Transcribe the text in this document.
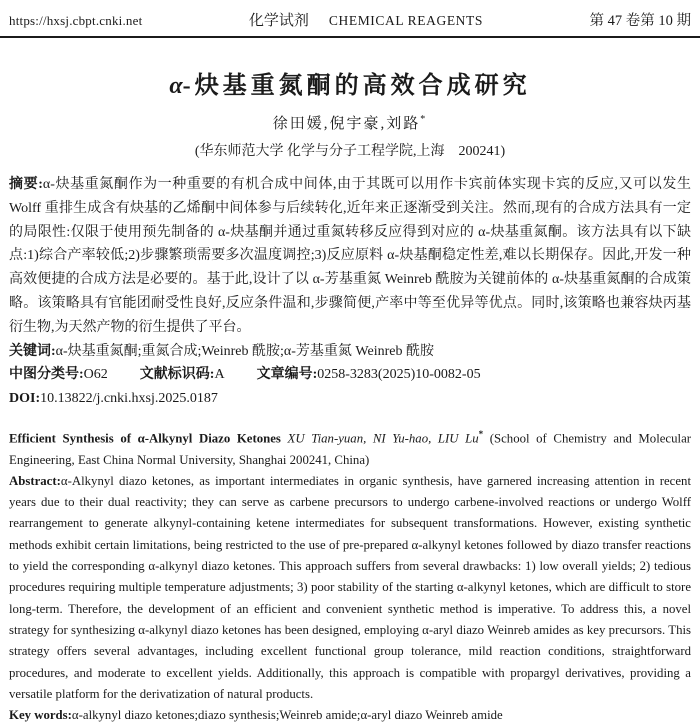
https://hxsj.cbpt.cnki.net	化学试剂 CHEMICAL REAGENTS	第 47 卷第 10 期
α-炔基重氮酮的高效合成研究
徐田媛,倪宇豪,刘路*
(华东师范大学 化学与分子工程学院,上海　200241)

摘要:α-炔基重氮酮作为一种重要的有机合成中间体,由于其既可以用作卡宾前体实现卡宾的反应,又可以发生 Wolff 重排生成含有炔基的乙烯酮中间体参与后续转化,近年来正逐渐受到关注。然而,现有的合成方法具有一定的局限性:仅限于使用预先制备的 α-炔基酮并通过重氮转移反应得到对应的 α-炔基重氮酮。该方法具有以下缺点:1)综合产率较低;2)步骤繁琐需要多次温度调控;3)反应原料 α-炔基酮稳定性差,难以长期保存。因此,开发一种高效便捷的合成方法是必要的。基于此,设计了以 α-芳基重氮 Weinreb 酰胺为关键前体的 α-炔基重氮酮的合成策略。该策略具有官能团耐受性良好,反应条件温和,步骤简便,产率中等至优异等优点。同时,该策略也兼容炔丙基衍生物,为天然产物的衍生提供了平台。

关键词:α-炔基重氮酮;重氮合成;Weinreb 酰胺;α-芳基重氮 Weinreb 酰胺

中图分类号:O62 文献标识码:A 文章编号:0258-3283(2025)10-0082-05

DOI:10.13822/j.cnki.hxsj.2025.0187

Efficient Synthesis of α-Alkynyl Diazo Ketones XU Tian-yuan, NI Yu-hao, LIU Lu* (School of Chemistry and Molecular Engineering, East China Normal University, Shanghai 200241, China)

Abstract:α-Alkynyl diazo ketones, as important intermediates in organic synthesis, have garnered increasing attention in recent years due to their dual reactivity; they can serve as carbene precursors to undergo carbene-involved reactions or undergo Wolff rearrangement to generate alkynyl-containing ketene intermediates for subsequent transformations. However, existing synthetic methods exhibit certain limitations, being restricted to the use of pre-prepared α-alkynyl ketones followed by diazo transfer reactions to yield the corresponding α-alkynyl diazo ketones. This approach suffers from several drawbacks: 1) low overall yields; 2) tedious procedures requiring multiple temperature adjustments; 3) poor stability of the starting α-alkynyl ketones, which are difficult to store long-term. Therefore, the development of an efficient and convenient synthetic method is imperative. To address this, a novel strategy for synthesizing α-alkynyl diazo ketones has been designed, employing α-aryl diazo Weinreb amides as key precursors. This strategy offers several advantages, including excellent functional group tolerance, mild reaction conditions, straightforward procedures, and moderate to excellent yields. Additionally, this approach is compatible with propargyl derivatives, providing a versatile platform for the derivatization of natural products.

Key words:α-alkynyl diazo ketones;diazo synthesis;Weinreb amide;α-aryl diazo Weinreb amide
